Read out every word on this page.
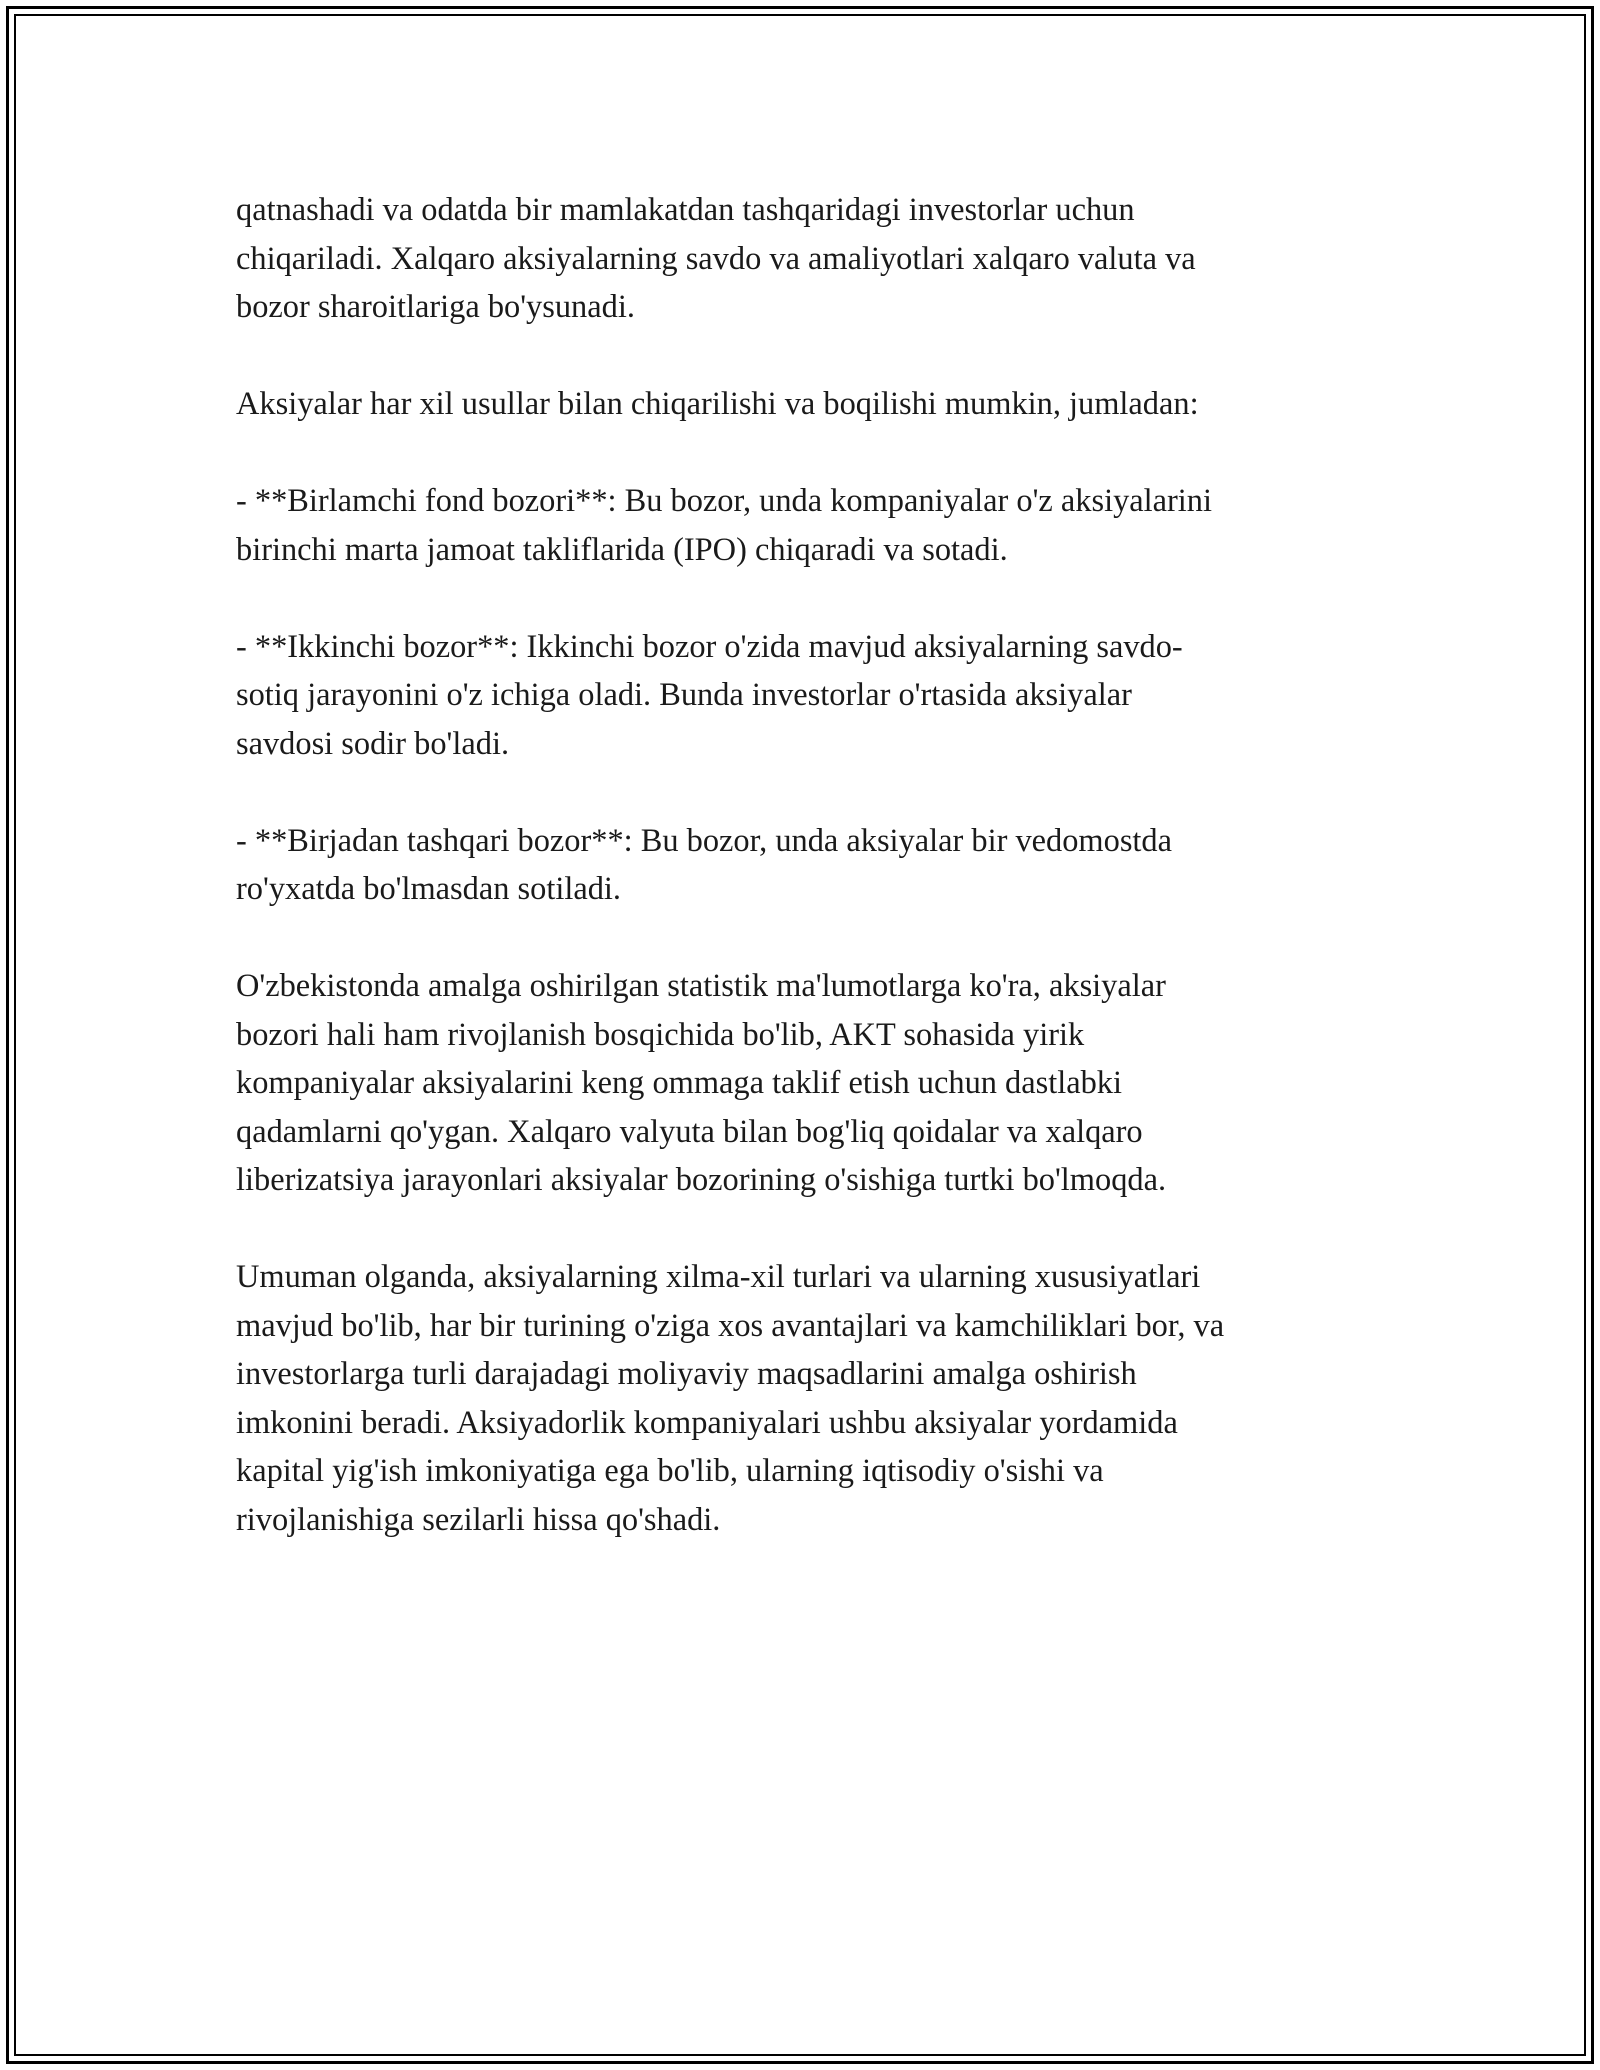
qatnashadi va odatda bir mamlakatdan tashqaridagi investorlar uchun
chiqariladi. Xalqaro aksiyalarning savdo va amaliyotlari xalqaro valuta va
bozor sharoitlariga bo'ysunadi.

Aksiyalar har xil usullar bilan chiqarilishi va boqilishi mumkin, jumladan:

- **Birlamchi fond bozori**: Bu bozor, unda kompaniyalar o'z aksiyalarini
birinchi marta jamoat takliflarida (IPO) chiqaradi va sotadi.

- **Ikkinchi bozor**: Ikkinchi bozor o'zida mavjud aksiyalarning savdo-
sotiq jarayonini o'z ichiga oladi. Bunda investorlar o'rtasida aksiyalar
savdosi sodir bo'ladi.

- **Birjadan tashqari bozor**: Bu bozor, unda aksiyalar bir vedomostda
ro'yxatda bo'lmasdan sotiladi.

O'zbekistonda amalga oshirilgan statistik ma'lumotlarga ko'ra, aksiyalar
bozori hali ham rivojlanish bosqichida bo'lib, AKT sohasida yirik
kompaniyalar aksiyalarini keng ommaga taklif etish uchun dastlabki
qadamlarni qo'ygan. Xalqaro valyuta bilan bog'liq qoidalar va xalqaro
liberizatsiya jarayonlari aksiyalar bozorining o'sishiga turtki bo'lmoqda.

Umuman olganda, aksiyalarning xilma-xil turlari va ularning xususiyatlari
mavjud bo'lib, har bir turining o'ziga xos avantajlari va kamchiliklari bor, va
investorlarga turli darajadagi moliyaviy maqsadlarini amalga oshirish
imkonini beradi. Aksiyadorlik kompaniyalari ushbu aksiyalar yordamida
kapital yig'ish imkoniyatiga ega bo'lib, ularning iqtisodiy o'sishi va
rivojlanishiga sezilarli hissa qo'shadi.
